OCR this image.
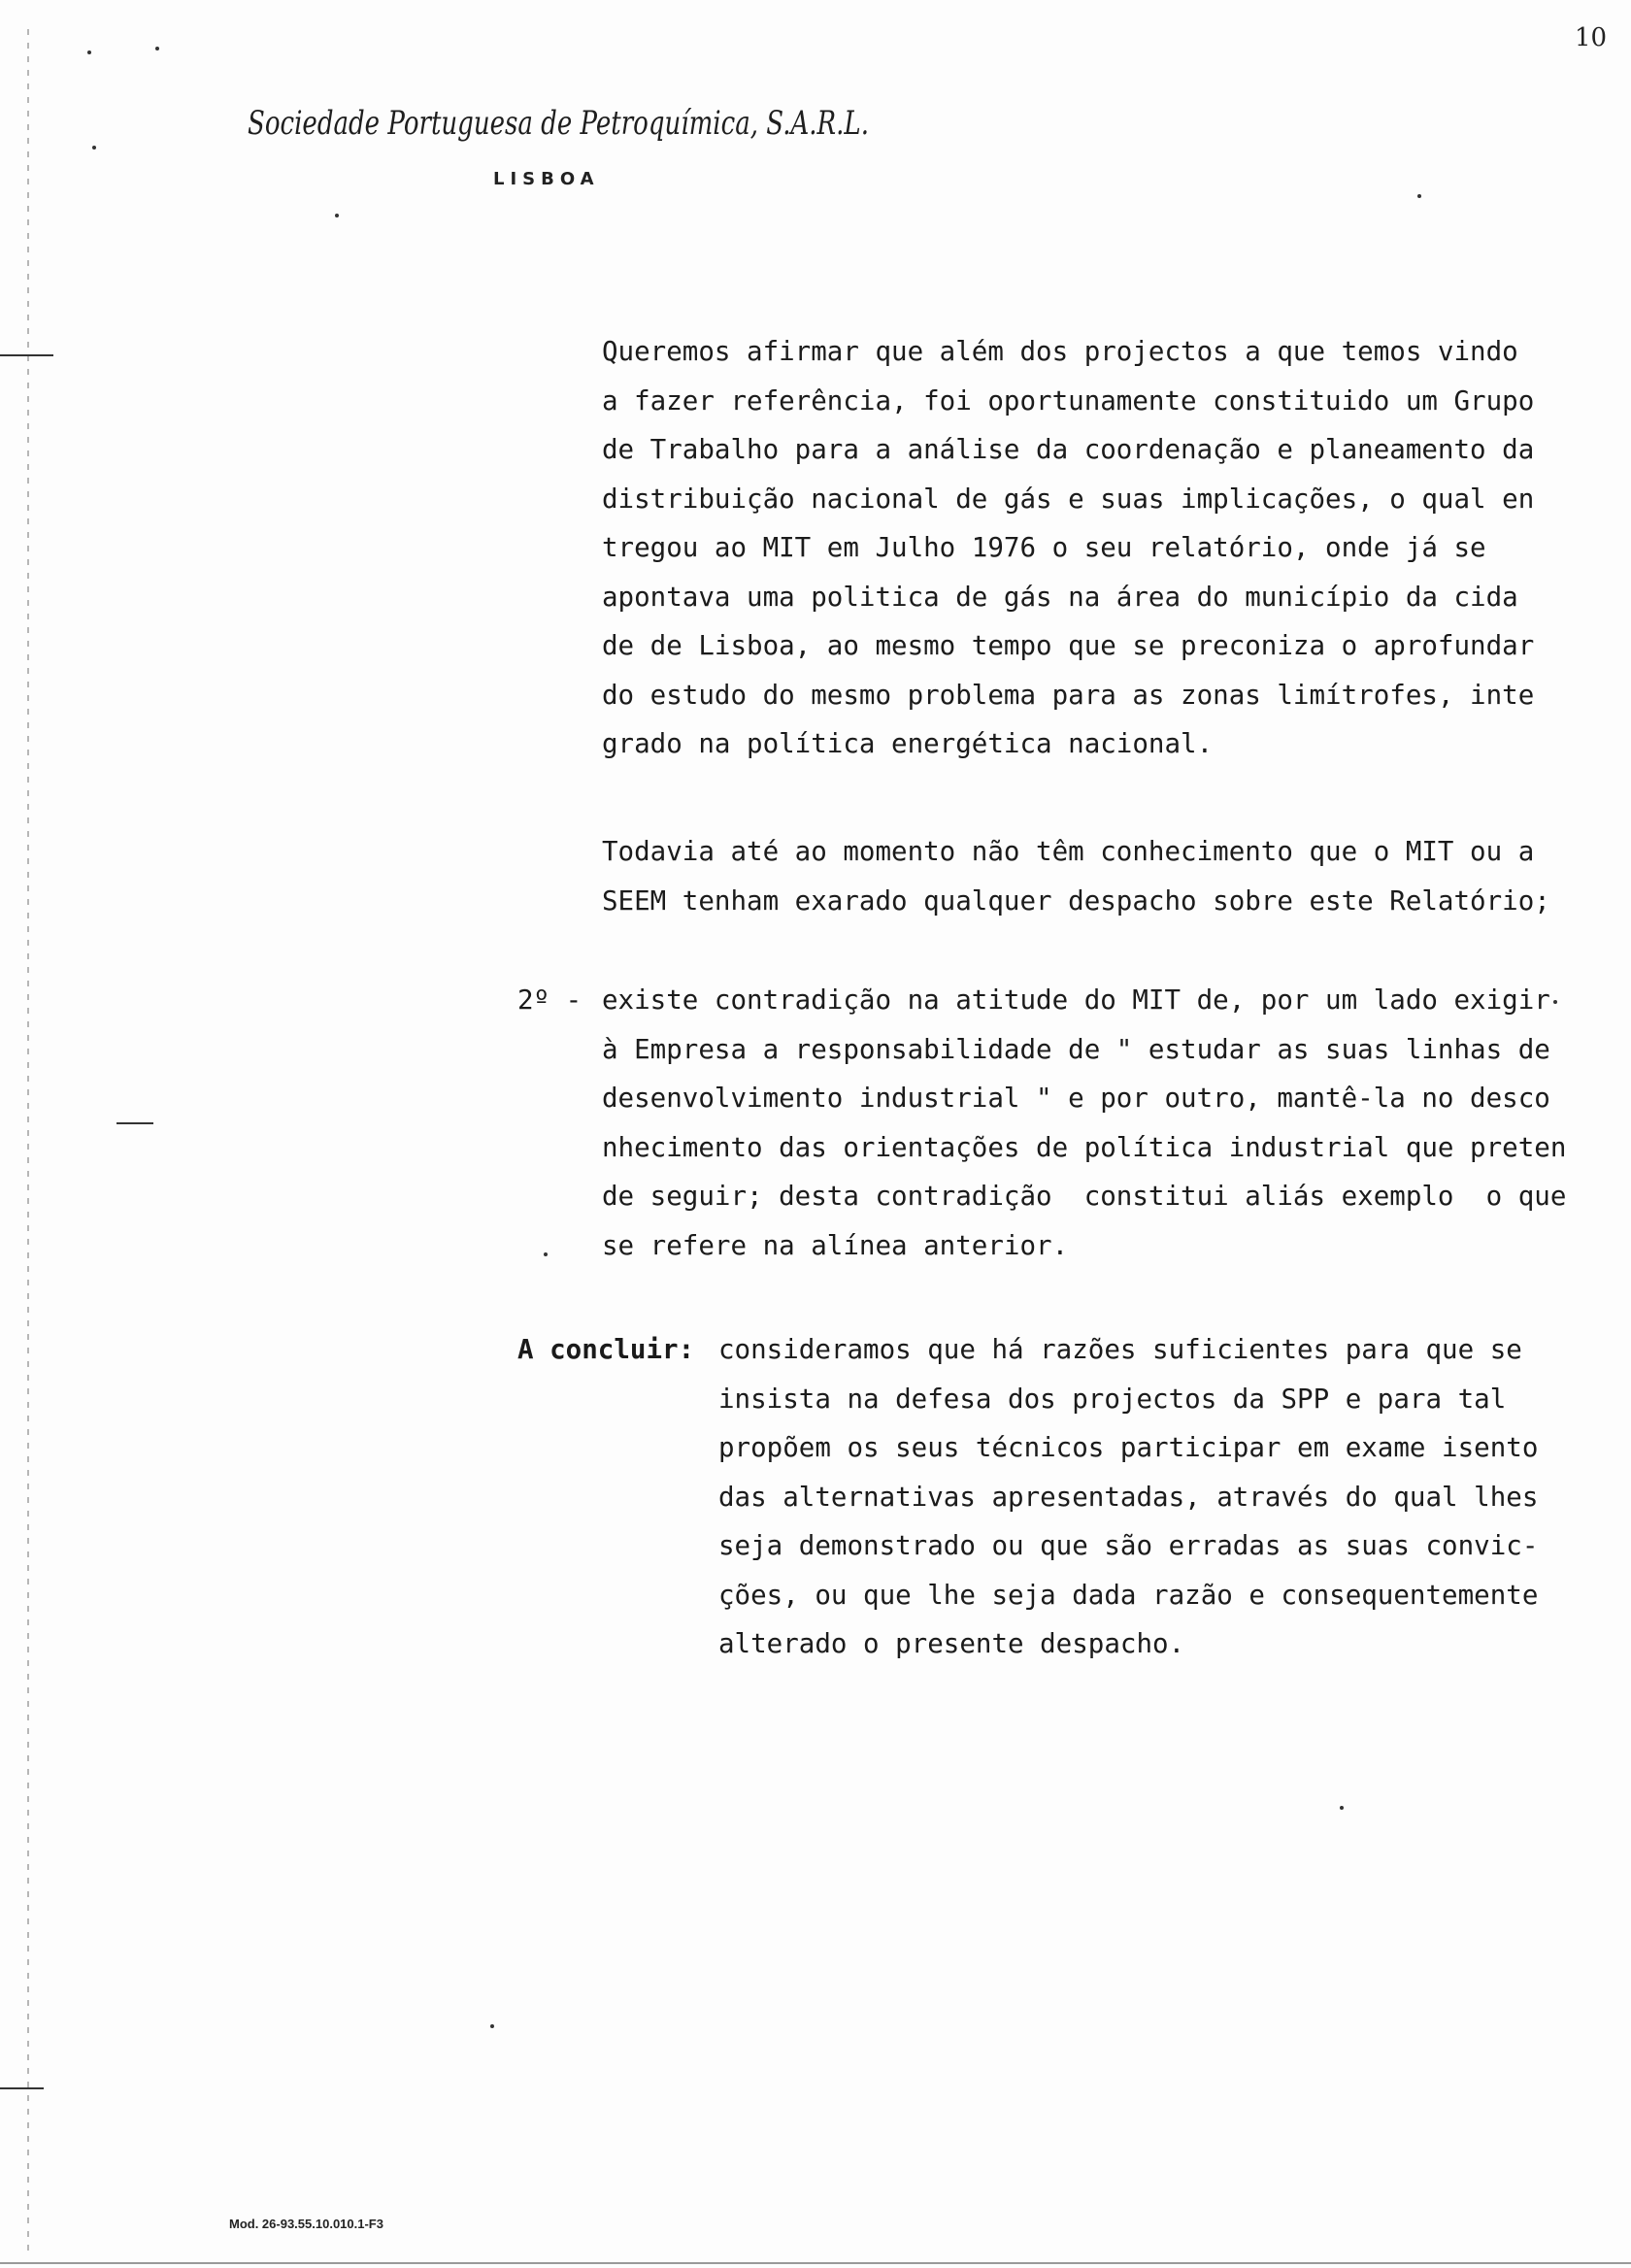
10
Sociedade Portuguesa de Petroquímica, S.A.R.L.
LISBOA
Queremos afirmar que além dos projectos a que temos vindo
a fazer referência, foi oportunamente constituido um Grupo
de Trabalho para a análise da coordenação e planeamento da
distribuição nacional de gás e suas implicações, o qual en
tregou ao MIT em Julho 1976 o seu relatório, onde já se
apontava uma politica de gás na área do município da cida
de de Lisboa, ao mesmo tempo que se preconiza o aprofundar
do estudo do mesmo problema para as zonas limítrofes, inte
grado na política energética nacional.
Todavia até ao momento não têm conhecimento que o MIT ou a
SEEM tenham exarado qualquer despacho sobre este Relatório;
2º - existe contradição na atitude do MIT de, por um lado exigir
à Empresa a responsabilidade de " estudar as suas linhas de
desenvolvimento industrial " e por outro, mantê-la no desco
nhecimento das orientações de política industrial que preten
de seguir; desta contradição  constitui aliás exemplo  o que
se refere na alínea anterior.
A concluir: consideramos que há razões suficientes para que se
insista na defesa dos projectos da SPP e para tal
propõem os seus técnicos participar em exame isento
das alternativas apresentadas, através do qual lhes
seja demonstrado ou que são erradas as suas convic-
ções, ou que lhe seja dada razão e consequentemente
alterado o presente despacho.
Mod. 26-93.55.10.010.1-F3
